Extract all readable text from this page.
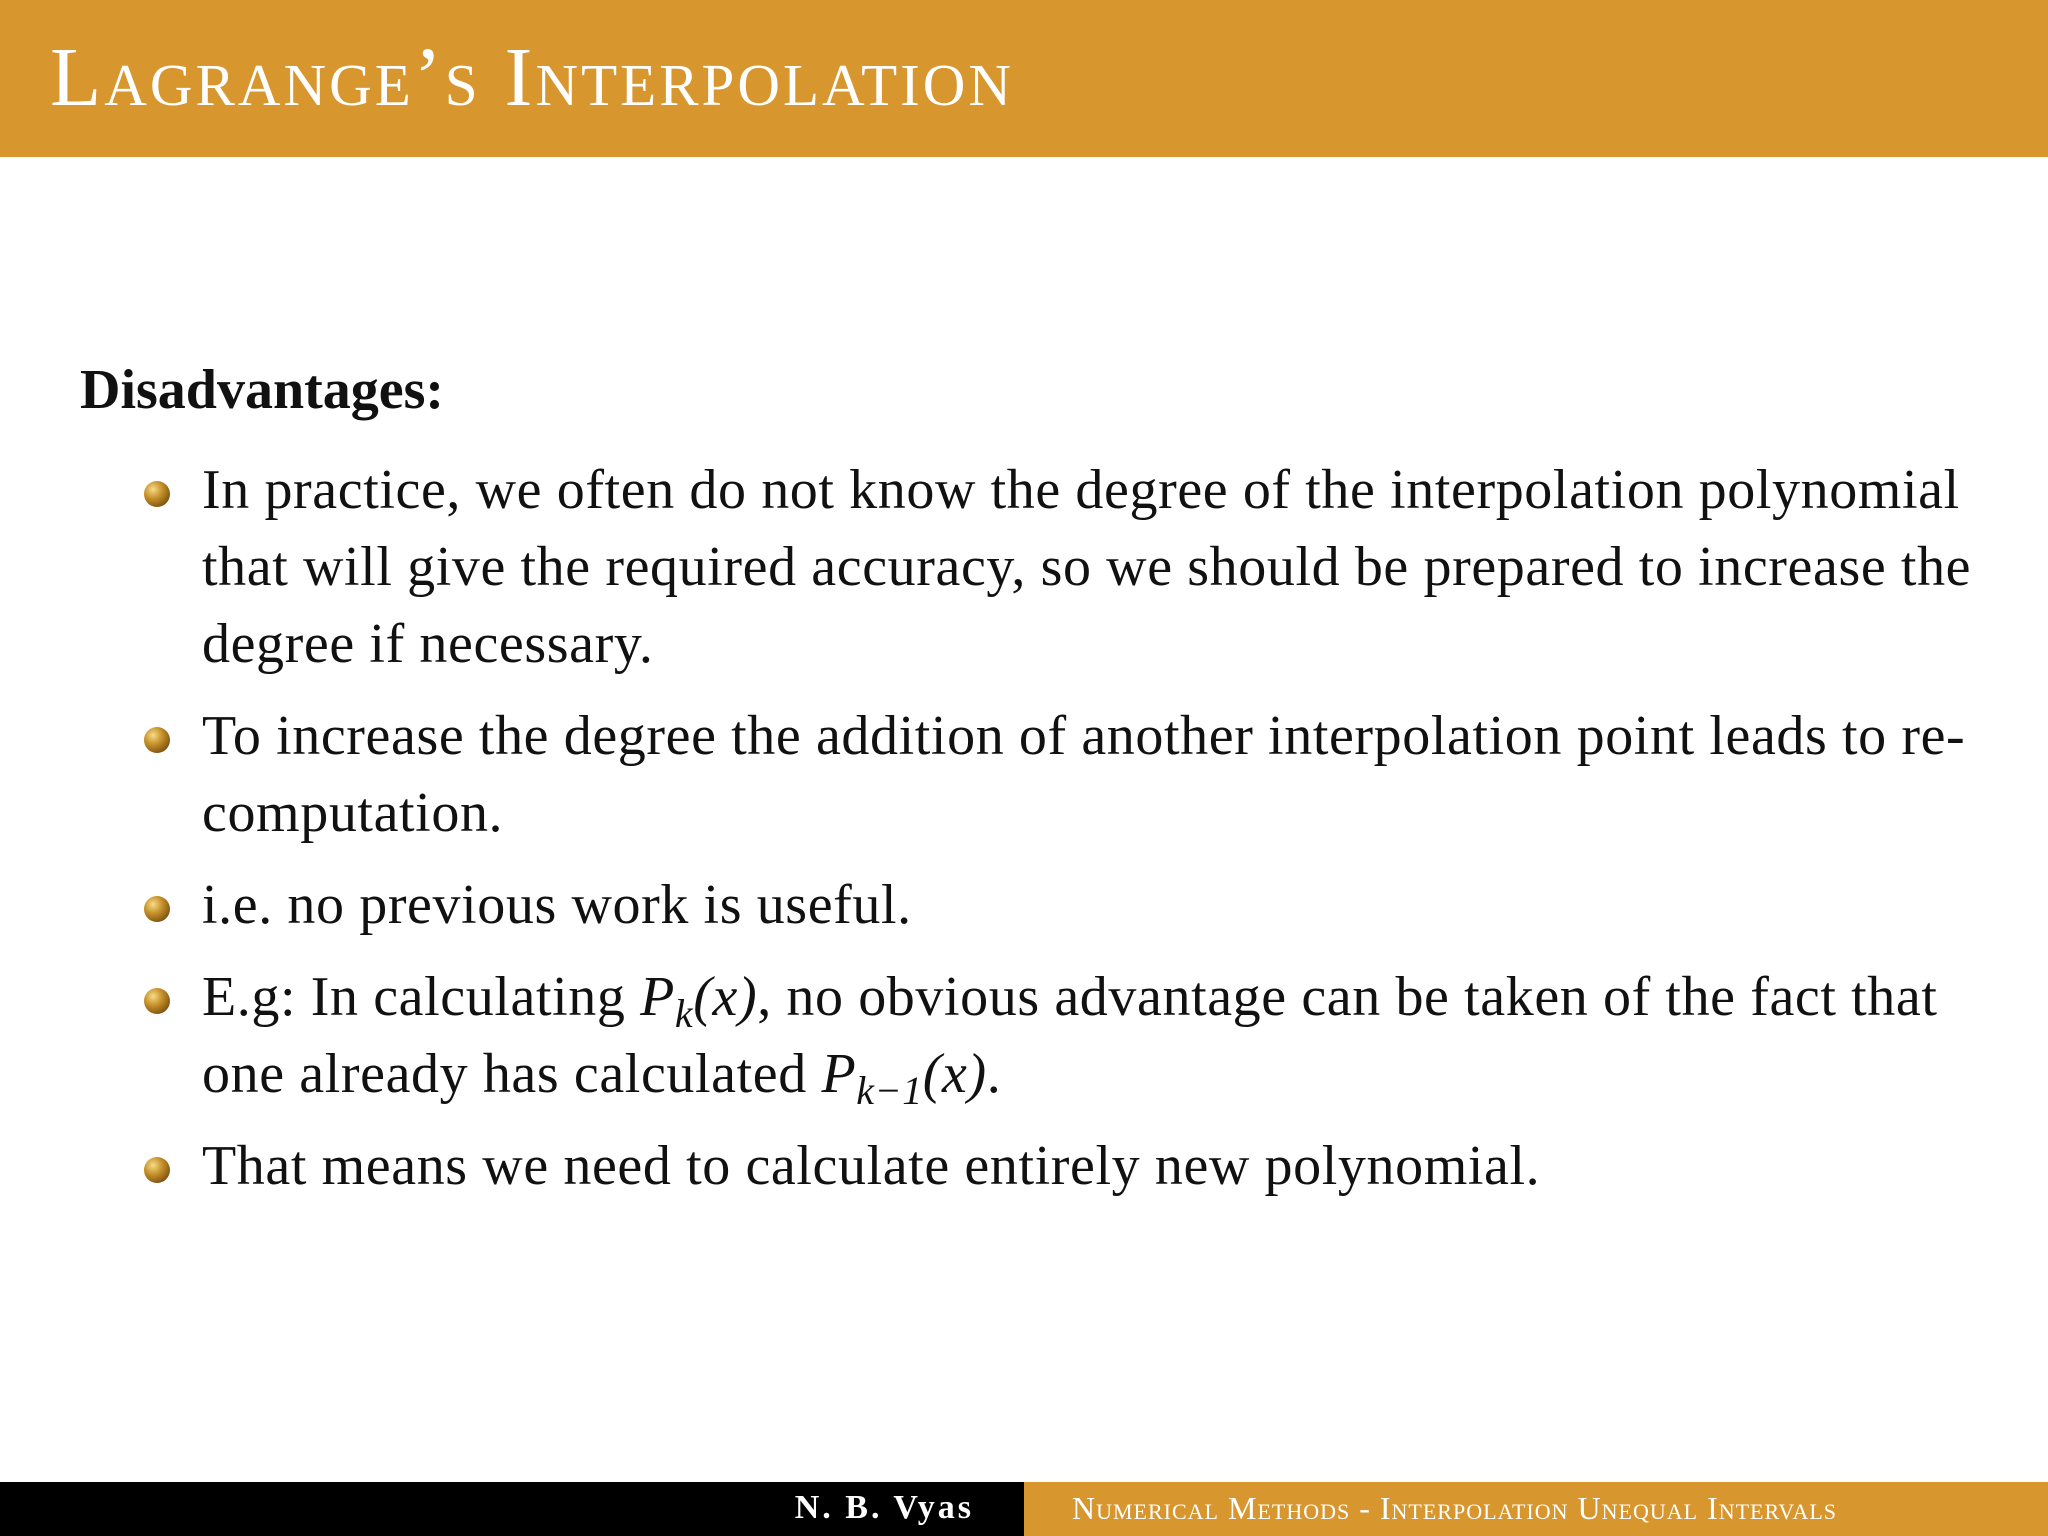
Lagrange’s Interpolation
Disadvantages:
In practice, we often do not know the degree of the interpolation polynomial that will give the required accuracy, so we should be prepared to increase the degree if necessary.
To increase the degree the addition of another interpolation point leads to re-computation.
i.e. no previous work is useful.
E.g: In calculating $P_k(x)$, no obvious advantage can be taken of the fact that one already has calculated $P_{k-1}(x)$.
That means we need to calculate entirely new polynomial.
N. B. Vyas	Numerical Methods - Interpolation Unequal Intervals
